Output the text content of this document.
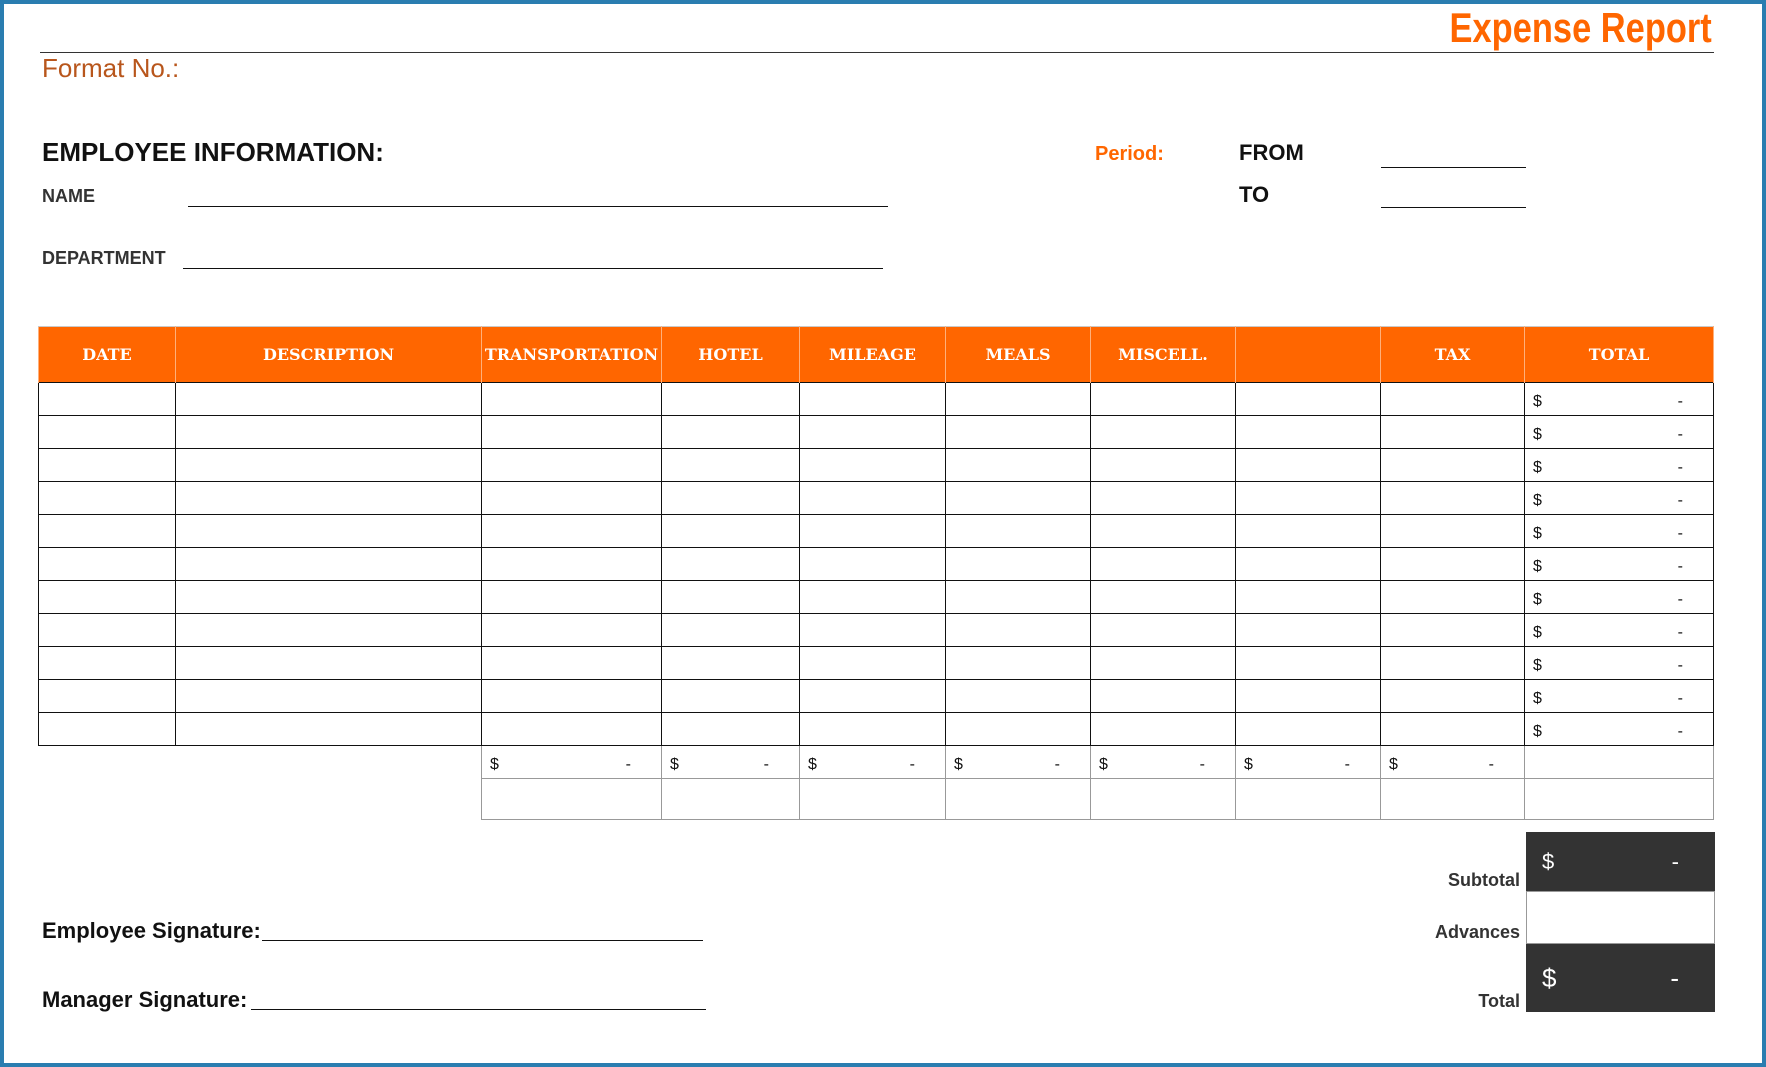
Expense Report
Format No.:
EMPLOYEE INFORMATION:
NAME
DEPARTMENT
Period:	FROM
TO
DATE	DESCRIPTION	TRANSPORTATION	HOTEL	MILEAGE	MEALS	MISCELL.		TAX	TOTAL

									$ -

									$ -

									$ -

									$ -

									$ -

									$ -

									$ -

									$ -

									$ -

									$ -

									$ -

		$ -	$ -	$ -	$ -	$ -	$ -	$ -	

Subtotal
$	-
Advances
Total
$	-
Employee Signature:
Manager Signature:
